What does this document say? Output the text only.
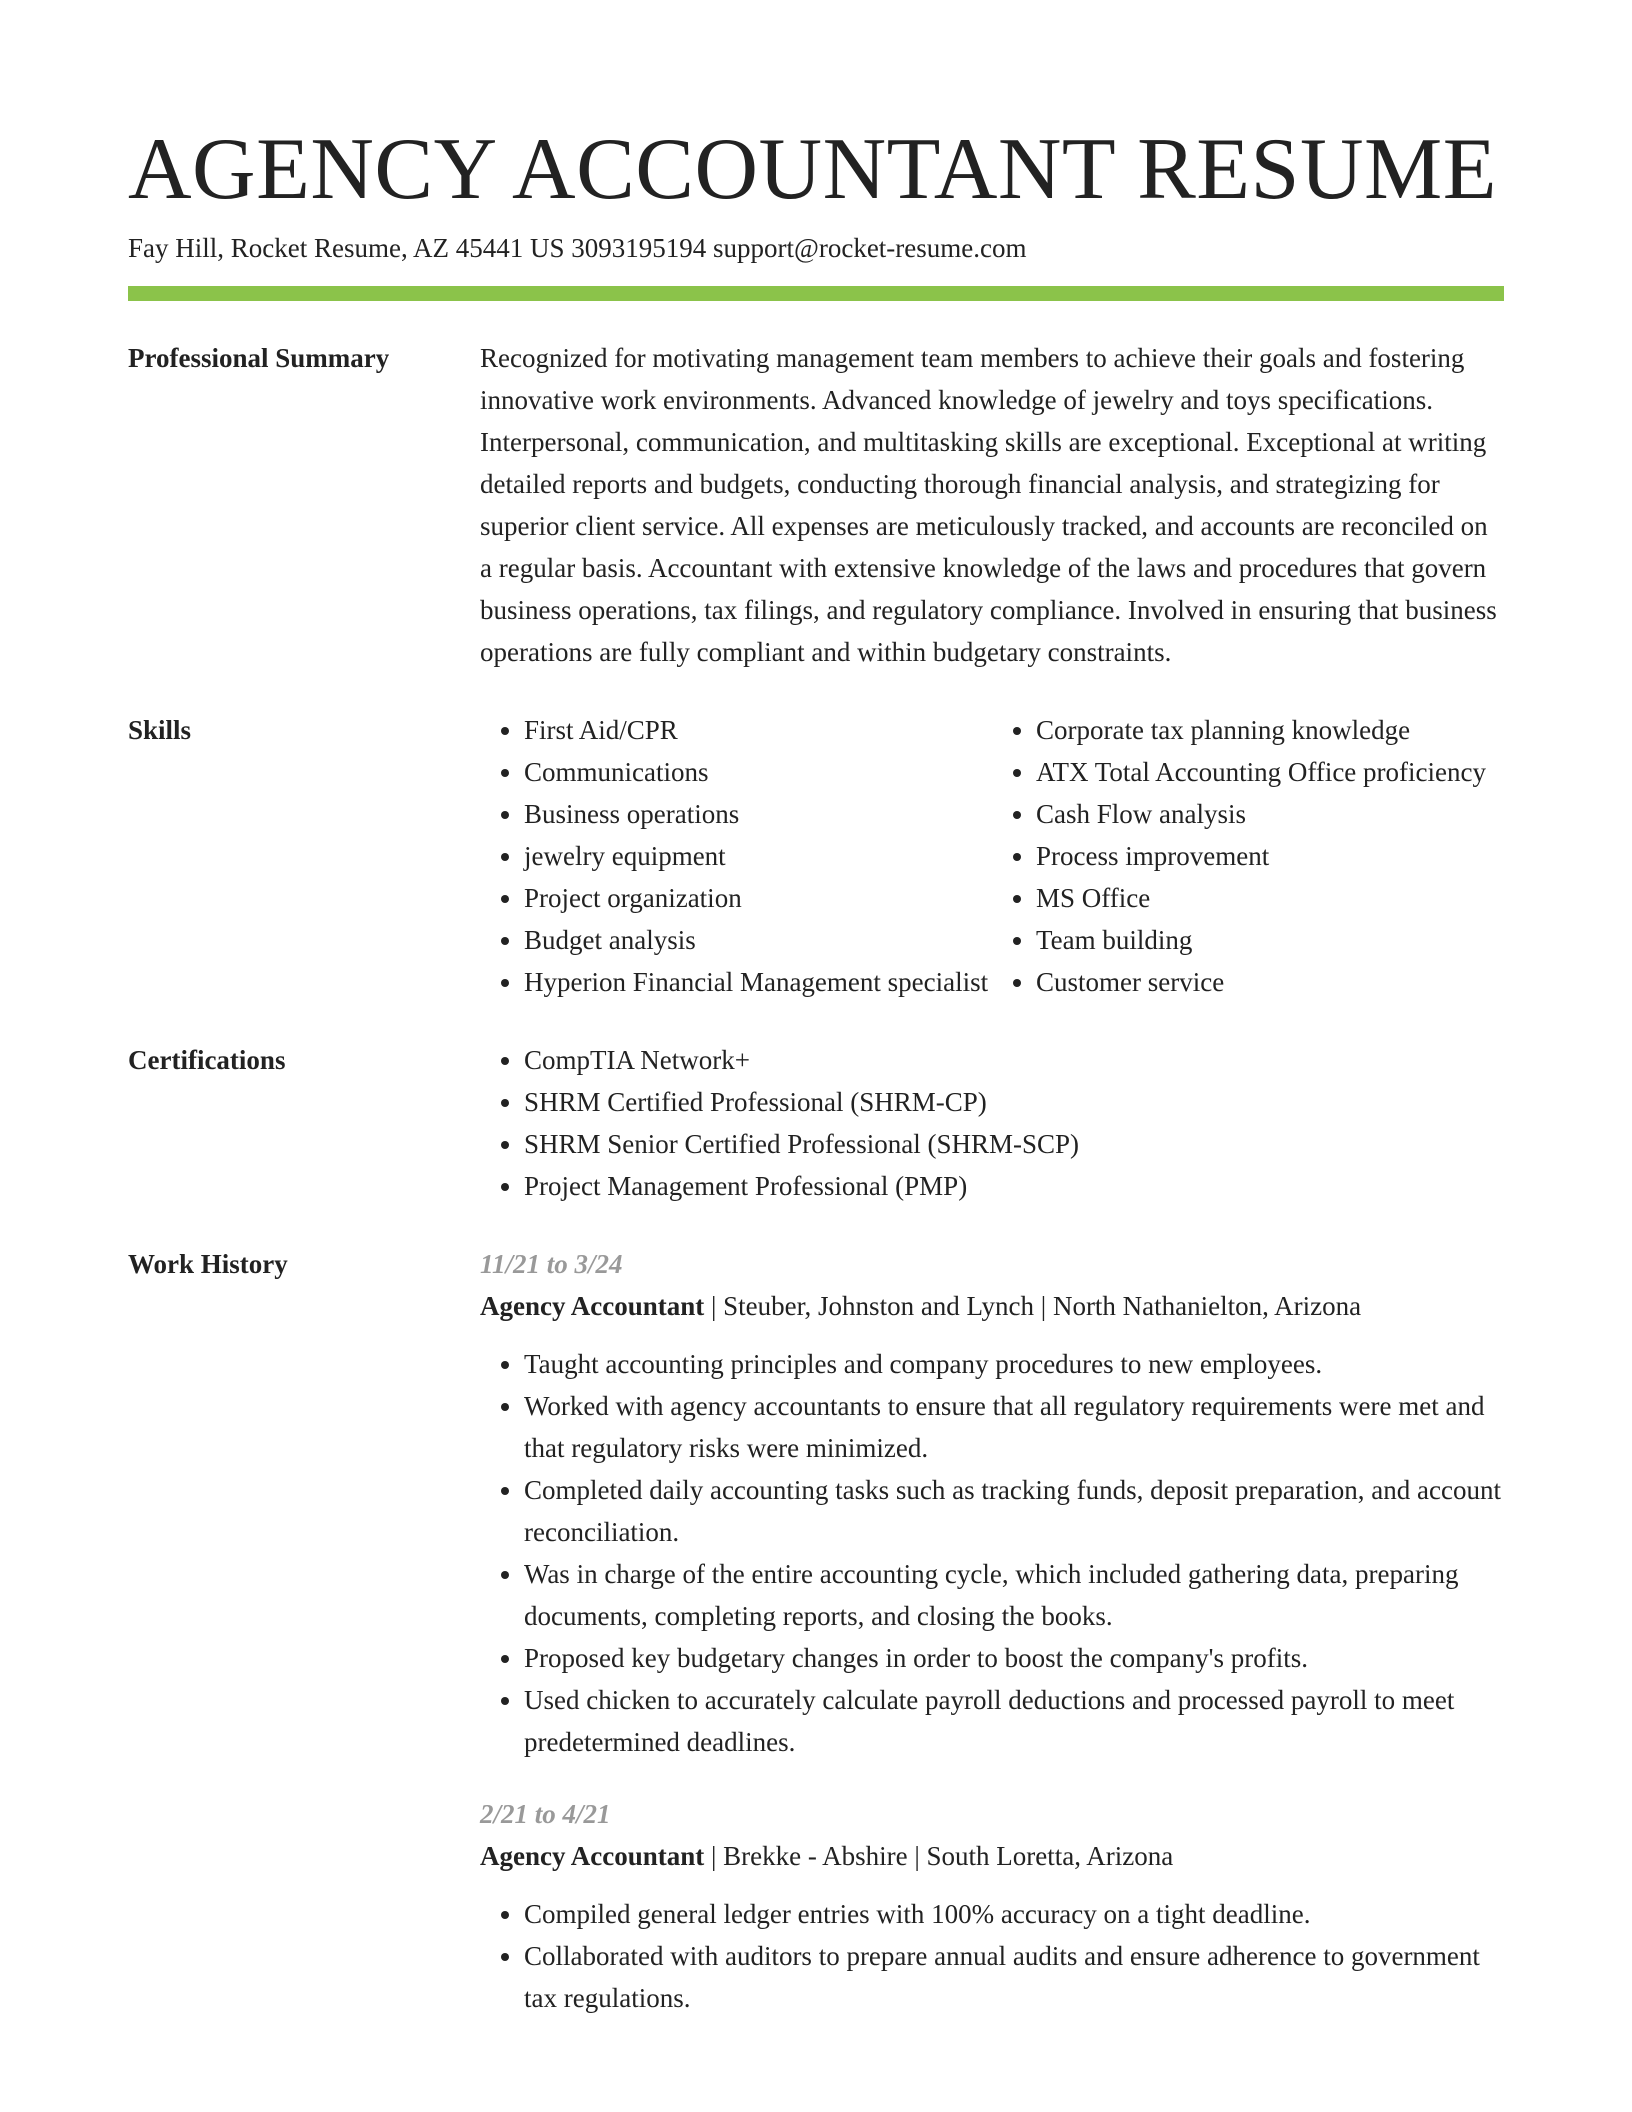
AGENCY ACCOUNTANT RESUME
Fay Hill, Rocket Resume, AZ 45441 US 3093195194 support@rocket-resume.com
Professional Summary	Recognized for motivating management team members to achieve their goals and fostering innovative work environments. Advanced knowledge of jewelry and toys specifications. Interpersonal, communication, and multitasking skills are exceptional. Exceptional at writing detailed reports and budgets, conducting thorough financial analysis, and strategizing for superior client service. All expenses are meticulously tracked, and accounts are reconciled on a regular basis. Accountant with extensive knowledge of the laws and procedures that govern business operations, tax filings, and regulatory compliance. Involved in ensuring that business operations are fully compliant and within budgetary constraints.

Skills	• First Aid/CPR
• Communications
• Business operations
• jewelry equipment
• Project organization
• Budget analysis
• Hyperion Financial Management specialist
• Corporate tax planning knowledge
• ATX Total Accounting Office proficiency
• Cash Flow analysis
• Process improvement
• MS Office
• Team building
• Customer service
Certifications	• CompTIA Network+
• SHRM Certified Professional (SHRM-CP)
• SHRM Senior Certified Professional (SHRM-SCP)
• Project Management Professional (PMP)
Work History	11/21 to 3/24
Agency Accountant | Steuber, Johnston and Lynch | North Nathanielton, Arizona
• Taught accounting principles and company procedures to new employees.
• Worked with agency accountants to ensure that all regulatory requirements were met and that regulatory risks were minimized.
• Completed daily accounting tasks such as tracking funds, deposit preparation, and account reconciliation.
• Was in charge of the entire accounting cycle, which included gathering data, preparing documents, completing reports, and closing the books.
• Proposed key budgetary changes in order to boost the company's profits.
• Used chicken to accurately calculate payroll deductions and processed payroll to meet predetermined deadlines.
2/21 to 4/21
Agency Accountant | Brekke - Abshire | South Loretta, Arizona
• Compiled general ledger entries with 100% accuracy on a tight deadline.
• Collaborated with auditors to prepare annual audits and ensure adherence to government tax regulations.
